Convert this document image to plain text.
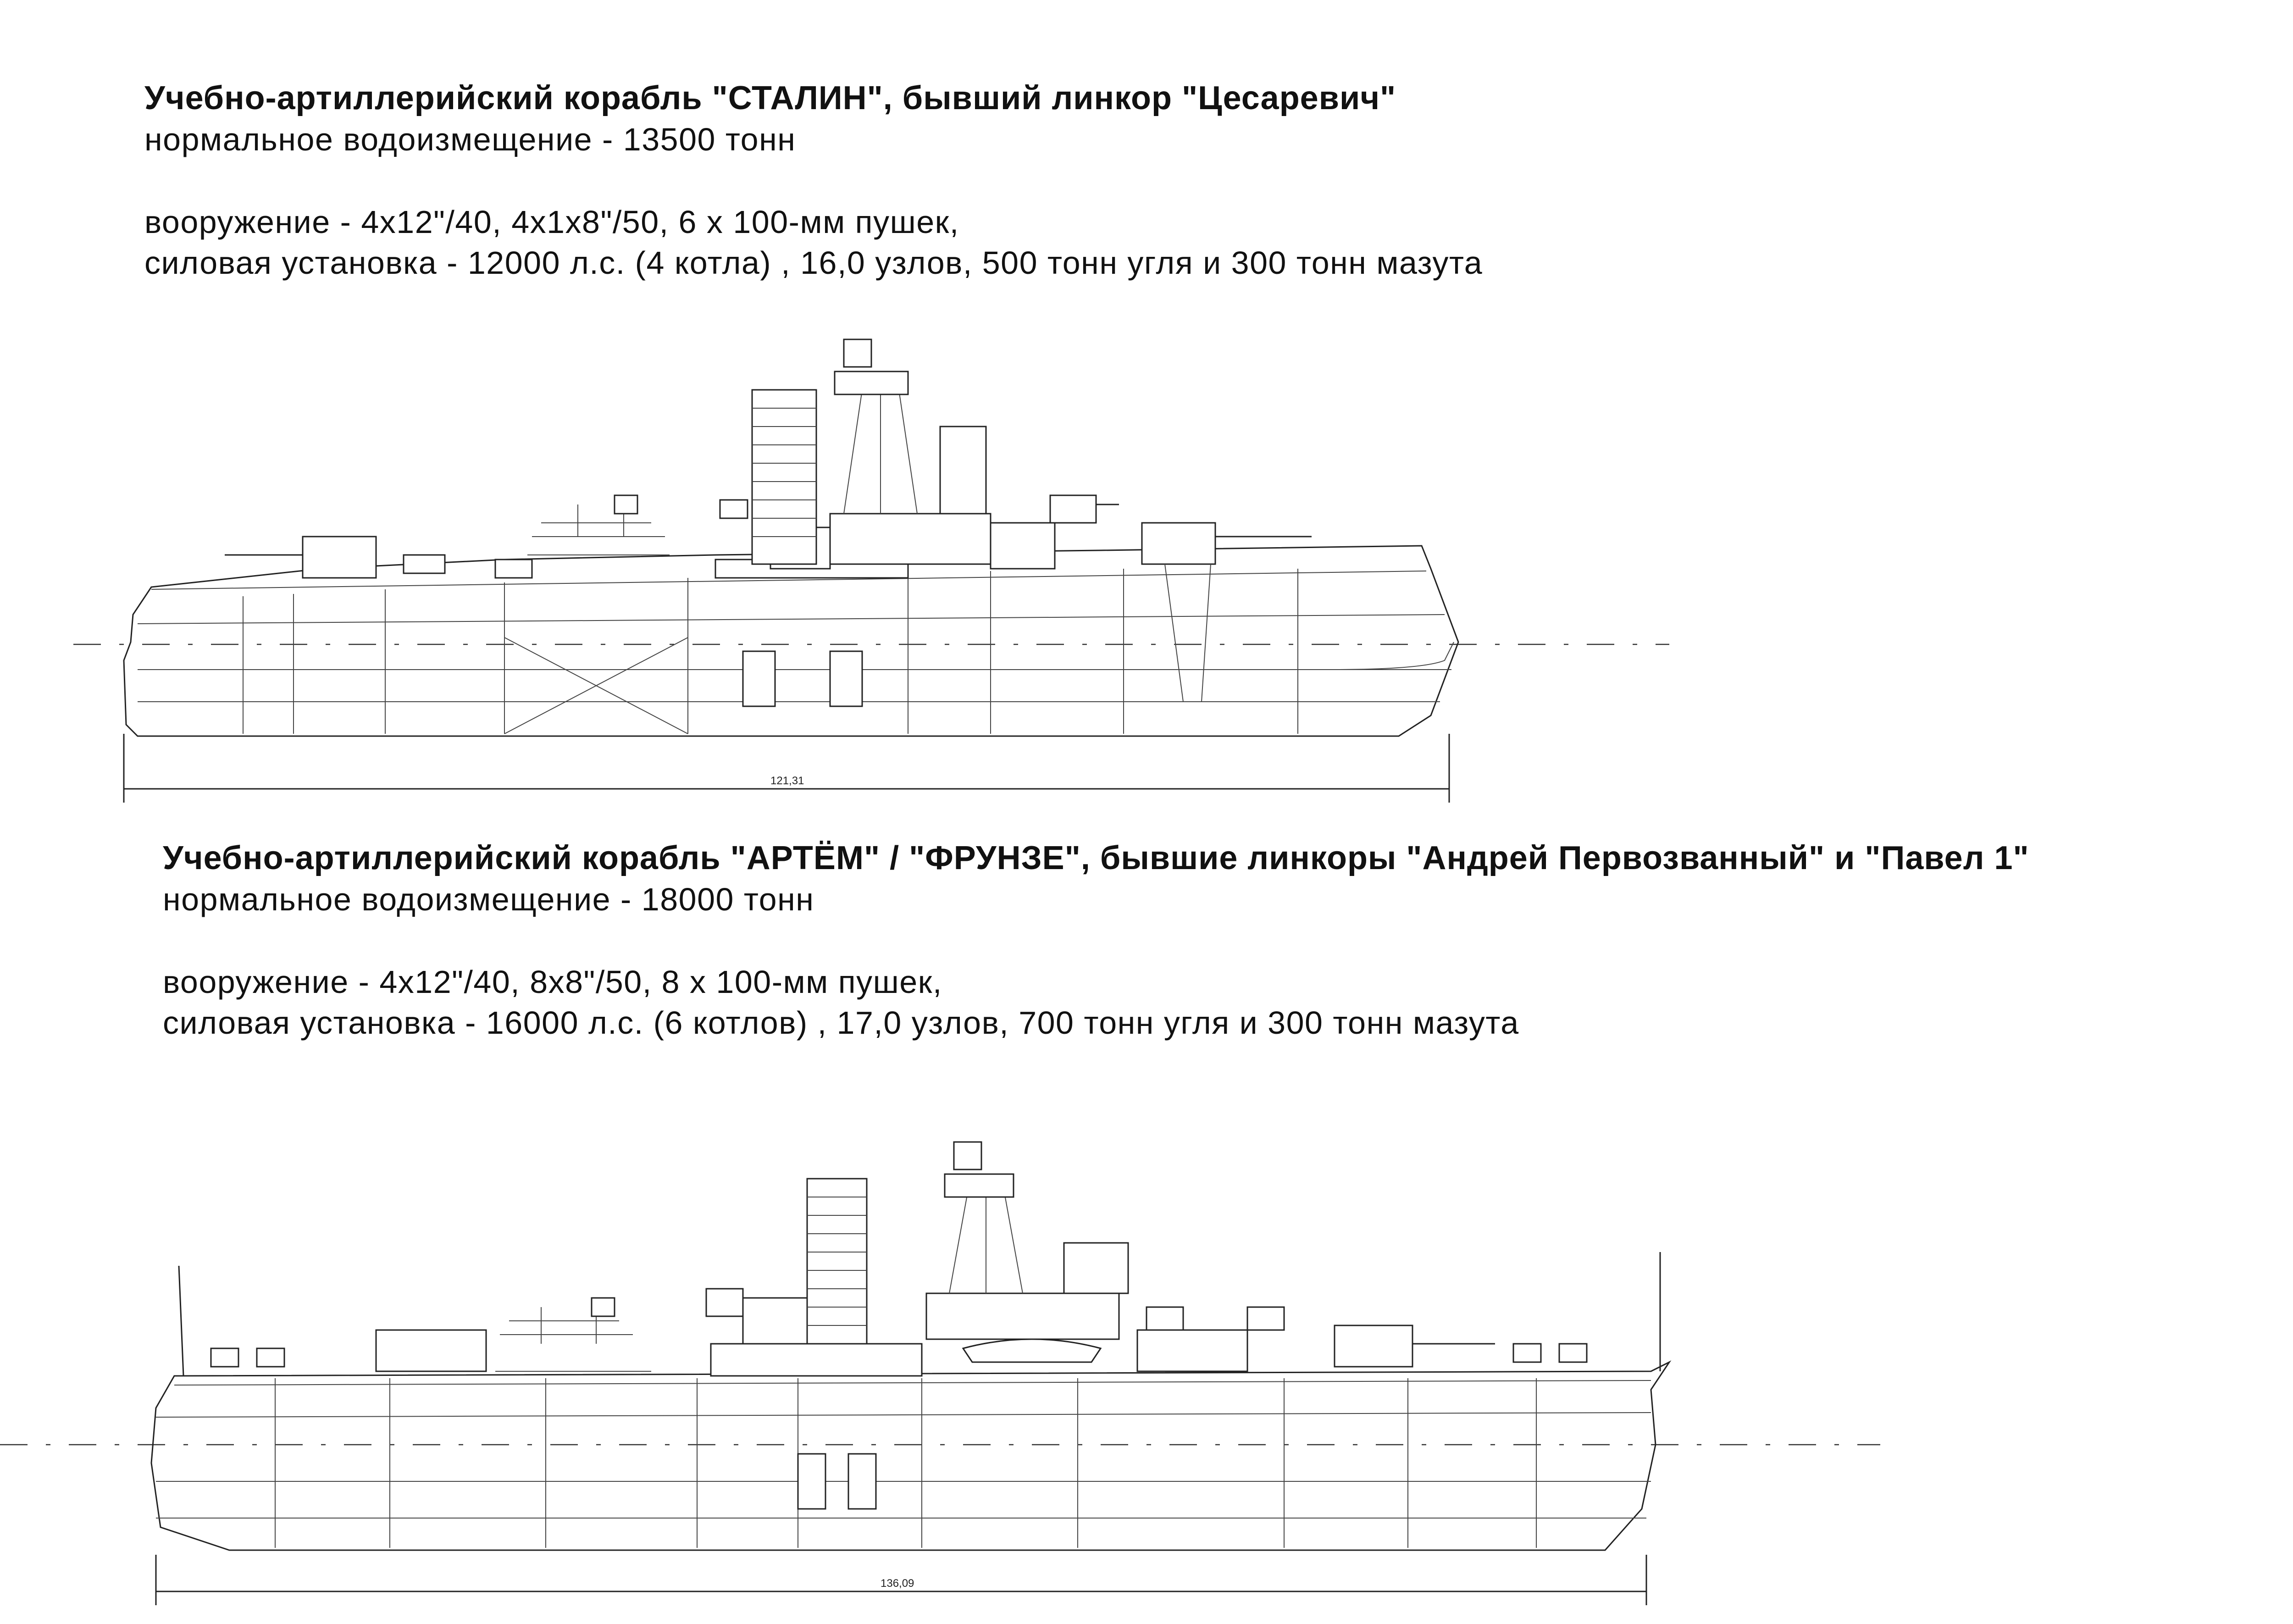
Учебно-артиллерийский корабль "СТАЛИН", бывший линкор "Цесаревич"
нормальное водоизмещение - 13500 тонн
вооружение - 4х12"/40, 4х1х8"/50, 6 х 100-мм пушек,
силовая установка - 12000 л.с. (4 котла) , 16,0 узлов, 500 тонн угля и 300 тонн мазута
121,31
Учебно-артиллерийский корабль "АРТЁМ" / "ФРУНЗЕ", бывшие линкоры "Андрей Первозванный" и "Павел 1"
нормальное водоизмещение - 18000 тонн
вооружение - 4х12"/40, 8х8"/50, 8 х 100-мм пушек,
силовая установка - 16000 л.с. (6 котлов) , 17,0 узлов, 700 тонн угля и 300 тонн мазута
136,09
